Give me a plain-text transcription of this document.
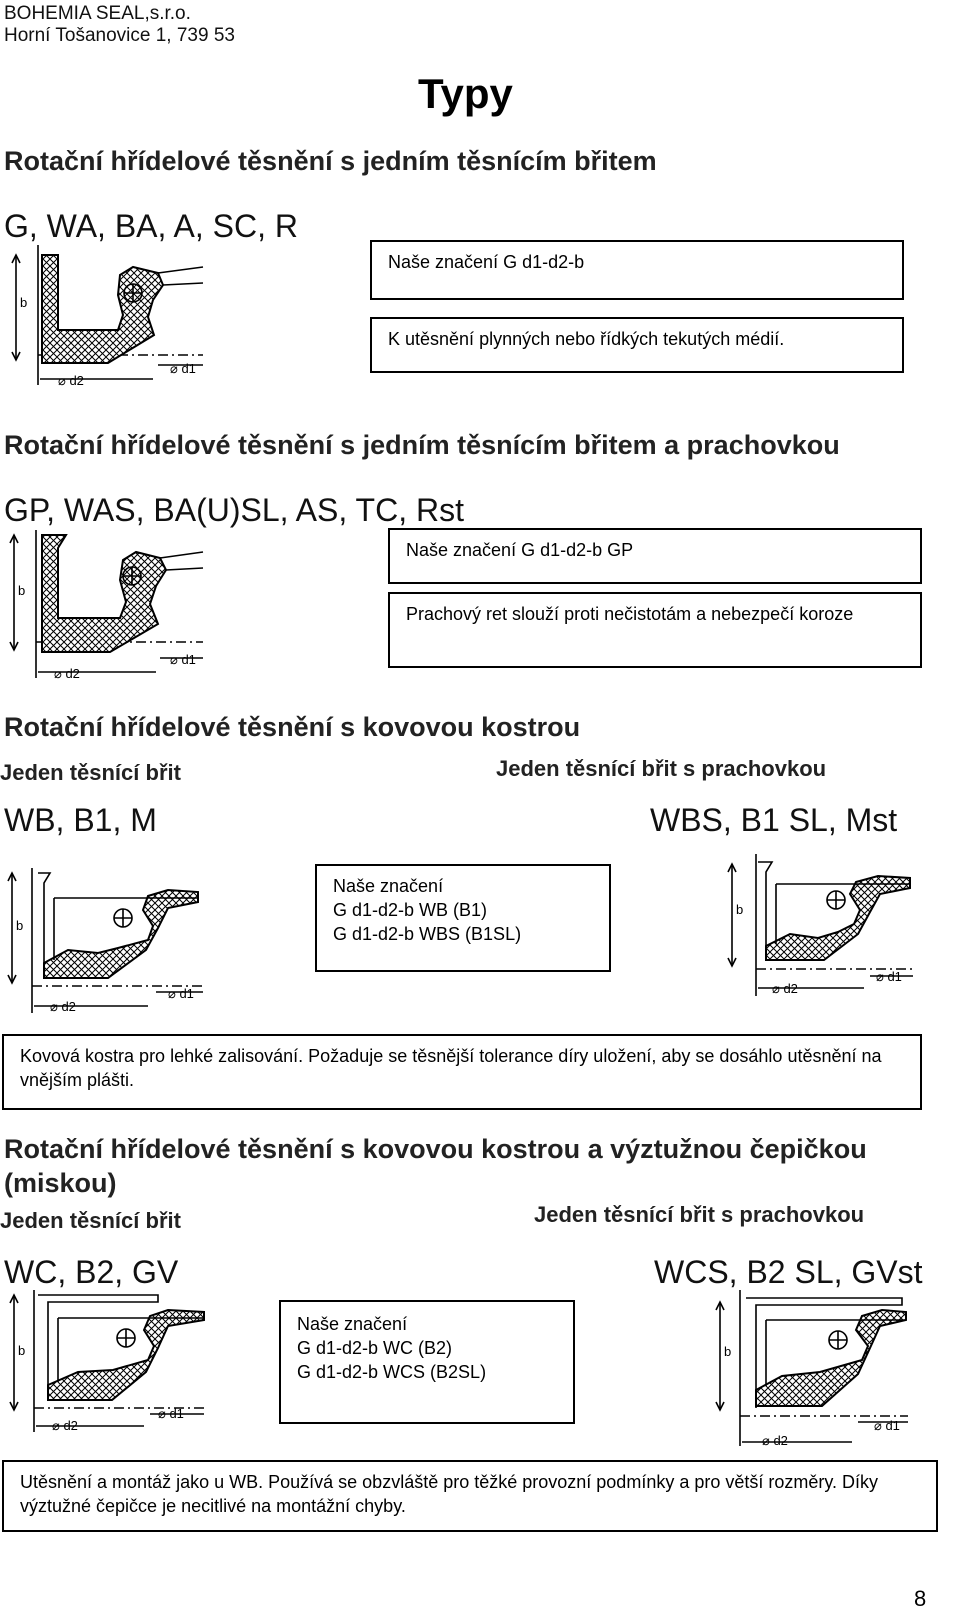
BOHEMIA SEAL,s.r.o.
Horní Tošanovice 1, 739 53
Typy
Rotační hřídelové těsnění s jedním těsnícím břitem
G, WA, BA, A, SC, R
b
⌀ d2
⌀ d1
Naše značení G d1-d2-b
K utěsnění plynných nebo řídkých tekutých médií.
Rotační hřídelové těsnění s jedním těsnícím břitem a prachovkou
GP, WAS, BA(U)SL, AS, TC, Rst
b
⌀ d2
⌀ d1
Naše značení G d1-d2-b GP
Prachový ret slouží proti nečistotám a nebezpečí koroze
Rotační hřídelové těsnění s kovovou kostrou
Jeden těsnící břit	Jeden těsnící břit s prachovkou
WB, B1, M	WBS, B1 SL, Mst
b
⌀ d2
⌀ d1
Naše značení
G d1-d2-b WB (B1)
G d1-d2-b WBS (B1SL)
b
⌀ d2
⌀ d1
Kovová kostra pro lehké zalisování. Požaduje se těsnější tolerance díry uložení, aby se dosáhlo utěsnění na vnějším plášti.
Rotační hřídelové těsnění s kovovou kostrou a výztužnou čepičkou (miskou)
Jeden těsnící břit	Jeden těsnící břit s prachovkou
WC, B2, GV	WCS, B2 SL, GVst
b
⌀ d2
⌀ d1
Naše značení
G d1-d2-b WC (B2)
G d1-d2-b WCS (B2SL)
b
⌀ d2
⌀ d1
Utěsnění a montáž jako u WB. Používá se obzvláště pro těžké provozní podmínky a pro větší rozměry. Díky výztužné čepičce je necitlivé na montážní chyby.
8
